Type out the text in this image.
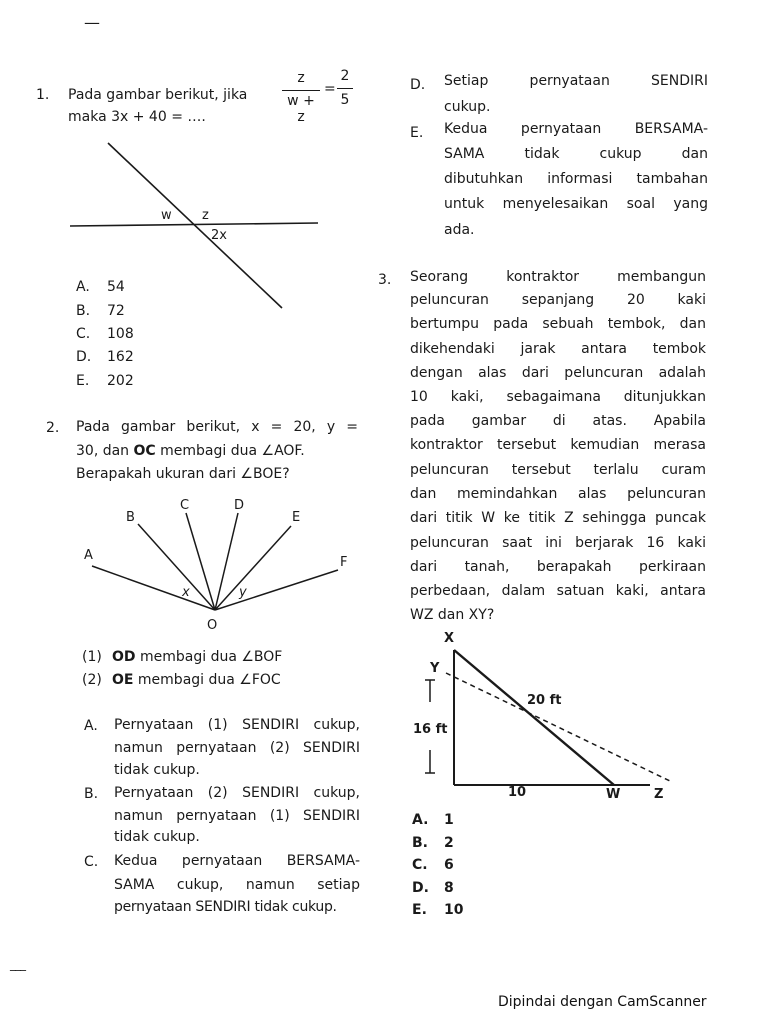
—
1. Pada gambar berikut, jika
z
w + z
=
2
5
maka 3x + 40 = ….
w z
2x
A. 54
B. 72
C. 108
D. 162
E. 202
2. Pada gambar berikut, x = 20, y =
30, dan OC membagi dua ∠AOF.
Berapakah ukuran dari ∠BOE?
A
B
C	D
E
F
O
x	y
(1) OD membagi dua ∠BOF
(2) OE membagi dua ∠FOC
A. Pernyataan (1) SENDIRI cukup,
namun pernyataan (2) SENDIRI
tidak cukup.
B. Pernyataan (2) SENDIRI cukup,
namun pernyataan (1) SENDIRI
tidak cukup.
C. Kedua pernyataan BERSAMA-
SAMA cukup, namun setiap
pernyataan SENDIRI tidak cukup.
D. Setiap pernyataan SENDIRI
cukup.
E. Kedua pernyataan BERSAMA-
SAMA tidak cukup dan
dibutuhkan informasi tambahan
untuk menyelesaikan soal yang
ada.
3. Seorang kontraktor membangun
peluncuran sepanjang 20 kaki
bertumpu pada sebuah tembok, dan
dikehendaki jarak antara tembok
dengan alas dari peluncuran adalah
10 kaki, sebagaimana ditunjukkan
pada gambar di atas. Apabila
kontraktor tersebut kemudian merasa
peluncuran tersebut terlalu curam
dan memindahkan alas peluncuran
dari titik W ke titik Z sehingga puncak
peluncuran saat ini berjarak 16 kaki
dari tanah, berapakah perkiraan
perbedaan, dalam satuan kaki, antara
WZ dan XY?
X
Y
20 ft
16 ft
10	W	Z
A. 1
B. 2
C. 6
D. 8
E. 10
___
Dipindai dengan CamScanner
